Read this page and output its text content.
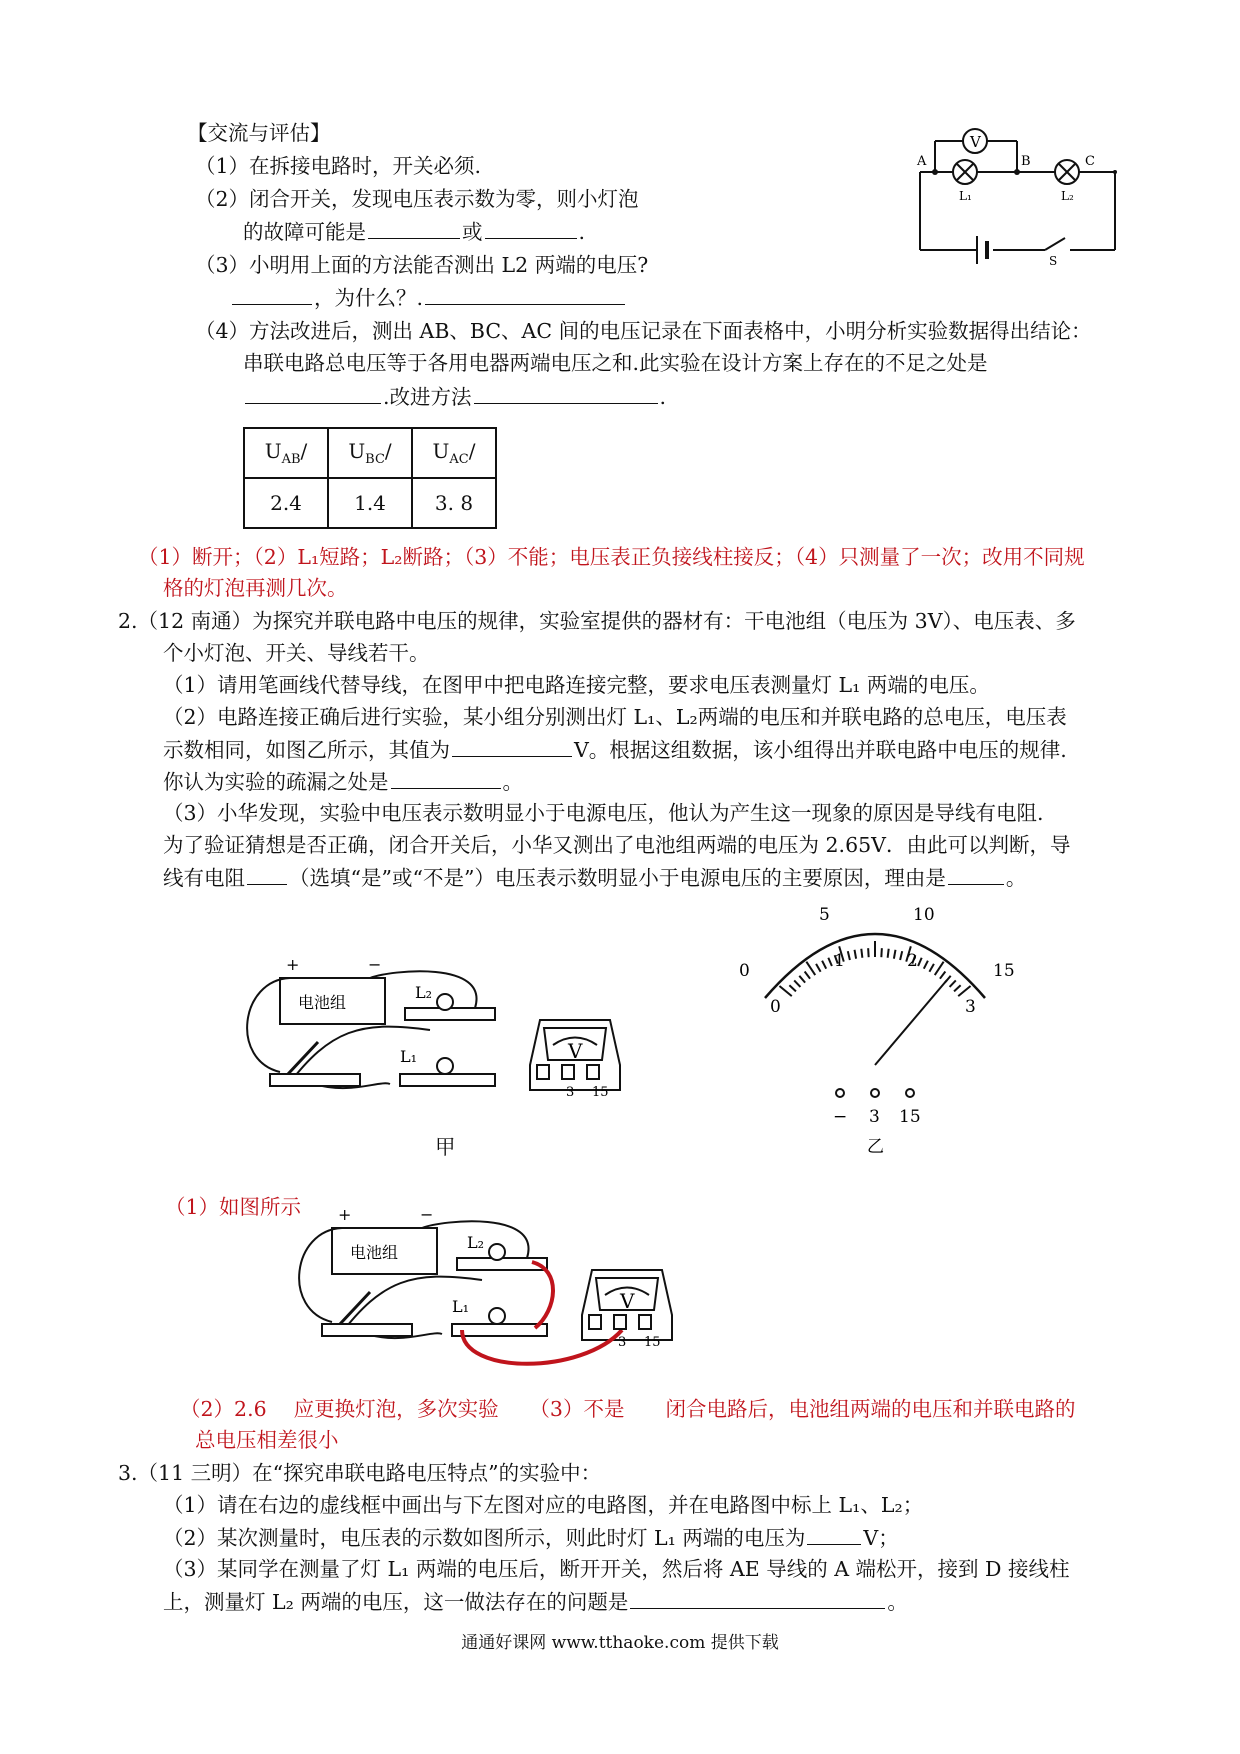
【交流与评估】
（1）在拆接电路时，开关必须.
（2）闭合开关，发现电压表示数为零，则小灯泡
的故障可能是	或	.
（3）小明用上面的方法能否测出 L2 两端的电压?
，为什么？.
（4）方法改进后，测出 AB、BC、AC 间的电压记录在下面表格中，小明分析实验数据得出结论：
串联电路总电压等于各用电器两端电压之和.此实验在设计方案上存在的不足之处是
.改进方法	.
V
A	B	C
L₁	L₂
S
$U_{AB}/$	$U_{BC}/$	$U_{AC}/$
2.4	1.4	3. 8
（1）断开；（2）L₁短路；L₂断路；（3）不能；电压表正负接线柱接反；（4）只测量了一次；改用不同规
格的灯泡再测几次。
2.（12 南通）为探究并联电路中电压的规律，实验室提供的器材有：干电池组（电压为 3V）、电压表、多
个小灯泡、开关、导线若干。
（1）请用笔画线代替导线，在图甲中把电路连接完整，要求电压表测量灯 L₁ 两端的电压。
（2）电路连接正确后进行实验，某小组分别测出灯 L₁、L₂两端的电压和并联电路的总电压，电压表
示数相同，如图乙所示，其值为	V。根据这组数据，该小组得出并联电路中电压的规律.
你认为实验的疏漏之处是	。
（3）小华发现，实验中电压表示数明显小于电源电压，他认为产生这一现象的原因是导线有电阻.
为了验证猜想是否正确，闭合开关后，小华又测出了电池组两端的电压为 2.65V．由此可以判断，导
线有电阻 （选填“是”或“不是”）电压表示数明显小于电源电压的主要原因，理由是	。
电池组
+	−
L₂
L₁	V
3 15
甲
5	10
0	15
1	2
0	3
− 3 15
乙
（1）如图所示
电池组
+	−
L₂
L₁	V
3 15
（2）2.6　 应更换灯泡，多次实验　　（3）不是　　闭合电路后，电池组两端的电压和并联电路的
总电压相差很小
3.（11 三明）在“探究串联电路电压特点”的实验中：
（1）请在右边的虚线框中画出与下左图对应的电路图，并在电路图中标上 L₁、L₂；
（2）某次测量时，电压表的示数如图所示，则此时灯 L₁ 两端的电压为	V；
（3）某同学在测量了灯 L₁ 两端的电压后，断开开关，然后将 AE 导线的 A 端松开，接到 D 接线柱
上，测量灯 L₂ 两端的电压，这一做法存在的问题是	。
通通好课网 www.tthaoke.com 提供下载
